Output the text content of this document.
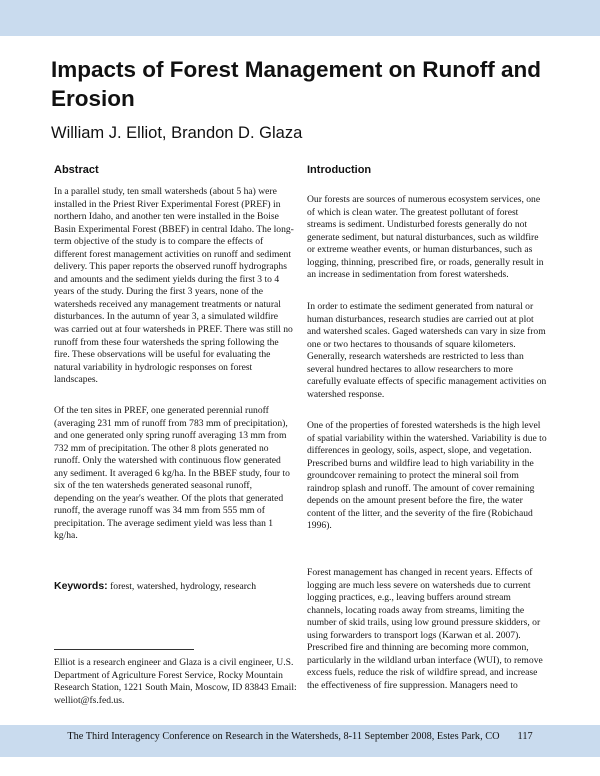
Impacts of Forest Management on Runoff and Erosion
William J. Elliot, Brandon D. Glaza
Abstract
In a parallel study, ten small watersheds (about 5 ha) were installed in the Priest River Experimental Forest (PREF) in northern Idaho, and another ten were installed in the Boise Basin Experimental Forest (BBEF) in central Idaho. The long-term objective of the study is to compare the effects of different forest management activities on runoff and sediment delivery. This paper reports the observed runoff hydrographs and amounts and the sediment yields during the first 3 to 4 years of the study. During the first 3 years, none of the watersheds received any management treatments or natural disturbances. In the autumn of year 3, a simulated wildfire was carried out at four watersheds in PREF. There was still no runoff from these four watersheds the spring following the fire. These observations will be useful for evaluating the natural variability in hydrologic responses on forest landscapes.
Of the ten sites in PREF, one generated perennial runoff (averaging 231 mm of runoff from 783 mm of precipitation), and one generated only spring runoff averaging 13 mm from 732 mm of precipitation. The other 8 plots generated no runoff. Only the watershed with continuous flow generated any sediment. It averaged 6 kg/ha. In the BBEF study, four to six of the ten watersheds generated seasonal runoff, depending on the year's weather. Of the plots that generated runoff, the average runoff was 34 mm from 555 mm of precipitation. The average sediment yield was less than 1 kg/ha.
Keywords: forest, watershed, hydrology, research
Elliot is a research engineer and Glaza is a civil engineer, U.S. Department of Agriculture Forest Service, Rocky Mountain Research Station, 1221 South Main, Moscow, ID 83843 Email: welliot@fs.fed.us.
Introduction
Our forests are sources of numerous ecosystem services, one of which is clean water. The greatest pollutant of forest streams is sediment. Undisturbed forests generally do not generate sediment, but natural disturbances, such as wildfire or extreme weather events, or human disturbances, such as logging, thinning, prescribed fire, or roads, generally result in an increase in sedimentation from forest watersheds.
In order to estimate the sediment generated from natural or human disturbances, research studies are carried out at plot and watershed scales. Gaged watersheds can vary in size from one or two hectares to thousands of square kilometers. Generally, research watersheds are restricted to less than several hundred hectares to allow researchers to more carefully evaluate effects of specific management activities on watershed response.
One of the properties of forested watersheds is the high level of spatial variability within the watershed. Variability is due to differences in geology, soils, aspect, slope, and vegetation. Prescribed burns and wildfire lead to high variability in the groundcover remaining to protect the mineral soil from raindrop splash and runoff. The amount of cover remaining depends on the amount present before the fire, the water content of the litter, and the severity of the fire (Robichaud 1996).
Forest management has changed in recent years. Effects of logging are much less severe on watersheds due to current logging practices, e.g., leaving buffers around stream channels, locating roads away from streams, limiting the number of skid trails, using low ground pressure skidders, or using forwarders to transport logs (Karwan et al. 2007). Prescribed fire and thinning are becoming more common, particularly in the wildland urban interface (WUI), to remove excess fuels, reduce the risk of wildfire spread, and increase the effectiveness of fire suppression. Managers need to
The Third Interagency Conference on Research in the Watersheds, 8-11 September 2008, Estes Park, CO 117
